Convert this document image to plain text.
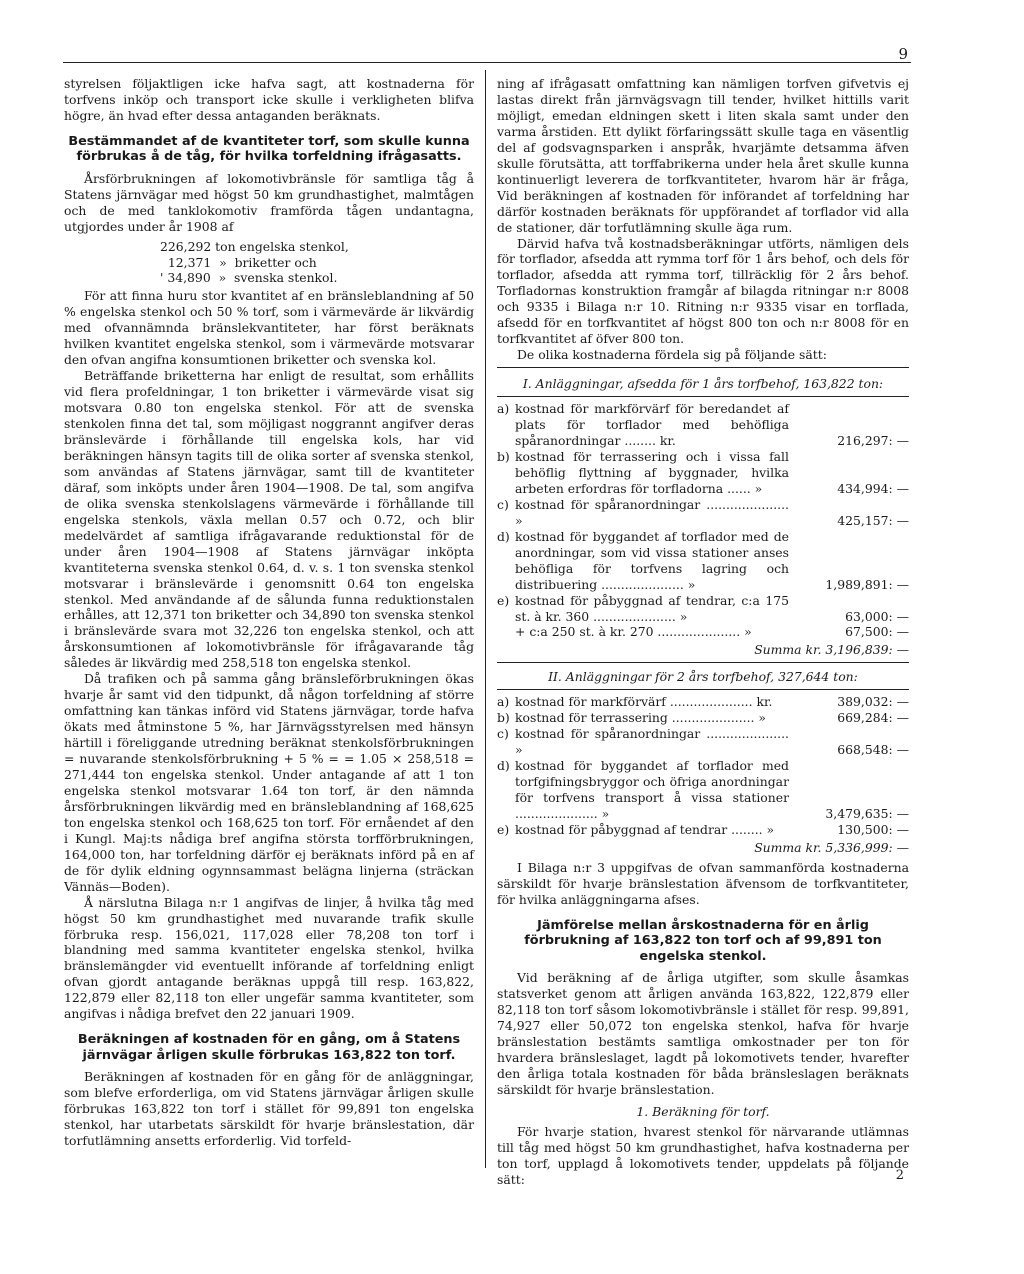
9

styrelsen följaktligen icke hafva sagt, att kostnaderna för torfvens inköp och transport icke skulle i verkligheten blifva högre, än hvad efter dessa antaganden beräknats.

Bestämmandet af de kvantiteter torf, som skulle kunna förbrukas å de tåg, för hvilka torfeldning ifrågasatts.

Årsförbrukningen af lokomotivbränsle för samtliga tåg å Statens järnvägar med högst 50 km grundhastighet, malmtågen och de med tanklokomotiv framförda tågen undantagna, utgjordes under år 1908 af

226,292 ton engelska stenkol,
12,371  »  briketter och
' 34,890  »  svenska stenkol.

För att finna huru stor kvantitet af en bränsleblandning af 50 % engelska stenkol och 50 % torf, som i värmevärde är likvärdig med ofvannämnda bränslekvantiteter, har först beräknats hvilken kvantitet engelska stenkol, som i värmevärde motsvarar den ofvan angifna konsumtionen briketter och svenska kol.

Beträffande briketterna har enligt de resultat, som erhållits vid flera profeldningar, 1 ton briketter i värmevärde visat sig motsvara 0.80 ton engelska stenkol. För att de svenska stenkolen finna det tal, som möjligast noggrannt angifver deras bränslevärde i förhållande till engelska kols, har vid beräkningen hänsyn tagits till de olika sorter af svenska stenkol, som användas af Statens järnvägar, samt till de kvantiteter däraf, som inköpts under åren 1904—1908. De tal, som angifva de olika svenska stenkolslagens värmevärde i förhållande till engelska stenkols, växla mellan 0.57 och 0.72, och blir medelvärdet af samtliga ifrågavarande reduktionstal för de under åren 1904—1908 af Statens järnvägar inköpta kvantiteterna svenska stenkol 0.64, d. v. s. 1 ton svenska stenkol motsvarar i bränslevärde i genomsnitt 0.64 ton engelska stenkol. Med användande af de sålunda funna reduktionstalen erhålles, att 12,371 ton briketter och 34,890 ton svenska stenkol i bränslevärde svara mot 32,226 ton engelska stenkol, och att årskonsumtionen af lokomotivbränsle för ifrågavarande tåg således är likvärdig med 258,518 ton engelska stenkol.

Då trafiken och på samma gång bränsleförbrukningen ökas hvarje år samt vid den tidpunkt, då någon torfeldning af större omfattning kan tänkas införd vid Statens järnvägar, torde hafva ökats med åtminstone 5 %, har Järnvägsstyrelsen med hänsyn härtill i föreliggande utredning beräknat stenkolsförbrukningen = nuvarande stenkolsförbrukning + 5 % = = 1.05 × 258,518 = 271,444 ton engelska stenkol. Under antagande af att 1 ton engelska stenkol motsvarar 1.64 ton torf, är den nämnda årsförbrukningen likvärdig med en bränsleblandning af 168,625 ton engelska stenkol och 168,625 ton torf. För ernåendet af den i Kungl. Maj:ts nådiga bref angifna största torfförbrukningen, 164,000 ton, har torfeldning därför ej beräknats införd på en af de för dylik eldning ogynnsammast belägna linjerna (sträckan Vännäs—Boden).

Å närslutna Bilaga n:r 1 angifvas de linjer, å hvilka tåg med högst 50 km grundhastighet med nuvarande trafik skulle förbruka resp. 156,021, 117,028 eller 78,208 ton torf i blandning med samma kvantiteter engelska stenkol, hvilka bränslemängder vid eventuellt införande af torfeldning enligt ofvan gjordt antagande beräknas uppgå till resp. 163,822, 122,879 eller 82,118 ton eller ungefär samma kvantiteter, som angifvas i nådiga brefvet den 22 januari 1909.

Beräkningen af kostnaden för en gång, om å Statens järnvägar årligen skulle förbrukas 163,822 ton torf.

Beräkningen af kostnaden för en gång för de anläggningar, som blefve erforderliga, om vid Statens järnvägar årligen skulle förbrukas 163,822 ton torf i stället för 99,891 ton engelska stenkol, har utarbetats särskildt för hvarje bränslestation, där torfutlämning ansetts erforderlig. Vid torfeld-

ning af ifrågasatt omfattning kan nämligen torfven gifvetvis ej lastas direkt från järnvägsvagn till tender, hvilket hittills varit möjligt, emedan eldningen skett i liten skala samt under den varma årstiden. Ett dylikt förfaringssätt skulle taga en väsentlig del af godsvagnsparken i anspråk, hvarjämte detsamma äfven skulle förutsätta, att torffabrikerna under hela året skulle kunna kontinuerligt leverera de torfkvantiteter, hvarom här är fråga, Vid beräkningen af kostnaden för införandet af torfeldning har därför kostnaden beräknats för uppförandet af torflador vid alla de stationer, där torfutlämning skulle äga rum.

Därvid hafva två kostnadsberäkningar utförts, nämligen dels för torflador, afsedda att rymma torf för 1 års behof, och dels för torflador, afsedda att rymma torf, tillräcklig för 2 års behof. Torfladornas konstruktion framgår af bilagda ritningar n:r 8008 och 9335 i Bilaga n:r 10. Ritning n:r 9335 visar en torflada, afsedd för en torfkvantitet af högst 800 ton och n:r 8008 för en torfkvantitet af öfver 800 ton.

De olika kostnaderna fördela sig på följande sätt:

I. Anläggningar, afsedda för 1 års torfbehof, 163,822 ton:
a) kostnad för markförvärf för beredandet af plats för torflador med behöfliga spåranordningar ........ kr.	216,297: —
b) kostnad för terrassering och i vissa fall behöflig flyttning af byggnader, hvilka arbeten erfordras för torfladorna ...... »	434,994: —
c) kostnad för spåranordningar ..................... »	425,157: —
d) kostnad för byggandet af torflador med de anordningar, som vid vissa stationer anses behöfliga för torfvens lagring och distribuering ..................... »	1,989,891: —
e) kostnad för påbyggnad af tendrar, c:a 175 st. à kr. 360 ..................... »	63,000: —
+ c:a 250 st. à kr. 270 ..................... »	67,500: —
Summa kr. 3,196,839: —
II. Anläggningar för 2 års torfbehof, 327,644 ton:
a) kostnad för markförvärf ..................... kr.	389,032: —
b) kostnad för terrassering ..................... »	669,284: —
c) kostnad för spåranordningar ..................... »	668,548: —
d) kostnad för byggandet af torflador med torfgifningsbryggor och öfriga anordningar för torfvens transport å vissa stationer ..................... »	3,479,635: —
e) kostnad för påbyggnad af tendrar ........ »	130,500: —
Summa kr. 5,336,999: —

I Bilaga n:r 3 uppgifvas de ofvan sammanförda kostnaderna särskildt för hvarje bränslestation äfvensom de torfkvantiteter, för hvilka anläggningarna afses.

Jämförelse mellan årskostnaderna för en årlig förbrukning af 163,822 ton torf och af 99,891 ton engelska stenkol.

Vid beräkning af de årliga utgifter, som skulle åsamkas statsverket genom att årligen använda 163,822, 122,879 eller 82,118 ton torf såsom lokomotivbränsle i stället för resp. 99,891, 74,927 eller 50,072 ton engelska stenkol, hafva för hvarje bränslestation bestämts samtliga omkostnader per ton för hvardera bränsleslaget, lagdt på lokomotivets tender, hvarefter den årliga totala kostnaden för båda bränsleslagen beräknats särskildt för hvarje bränslestation.

1. Beräkning för torf.

För hvarje station, hvarest stenkol för närvarande utlämnas till tåg med högst 50 km grundhastighet, hafva kostnaderna per ton torf, upplagd å lokomotivets tender, uppdelats på följande sätt:	2
